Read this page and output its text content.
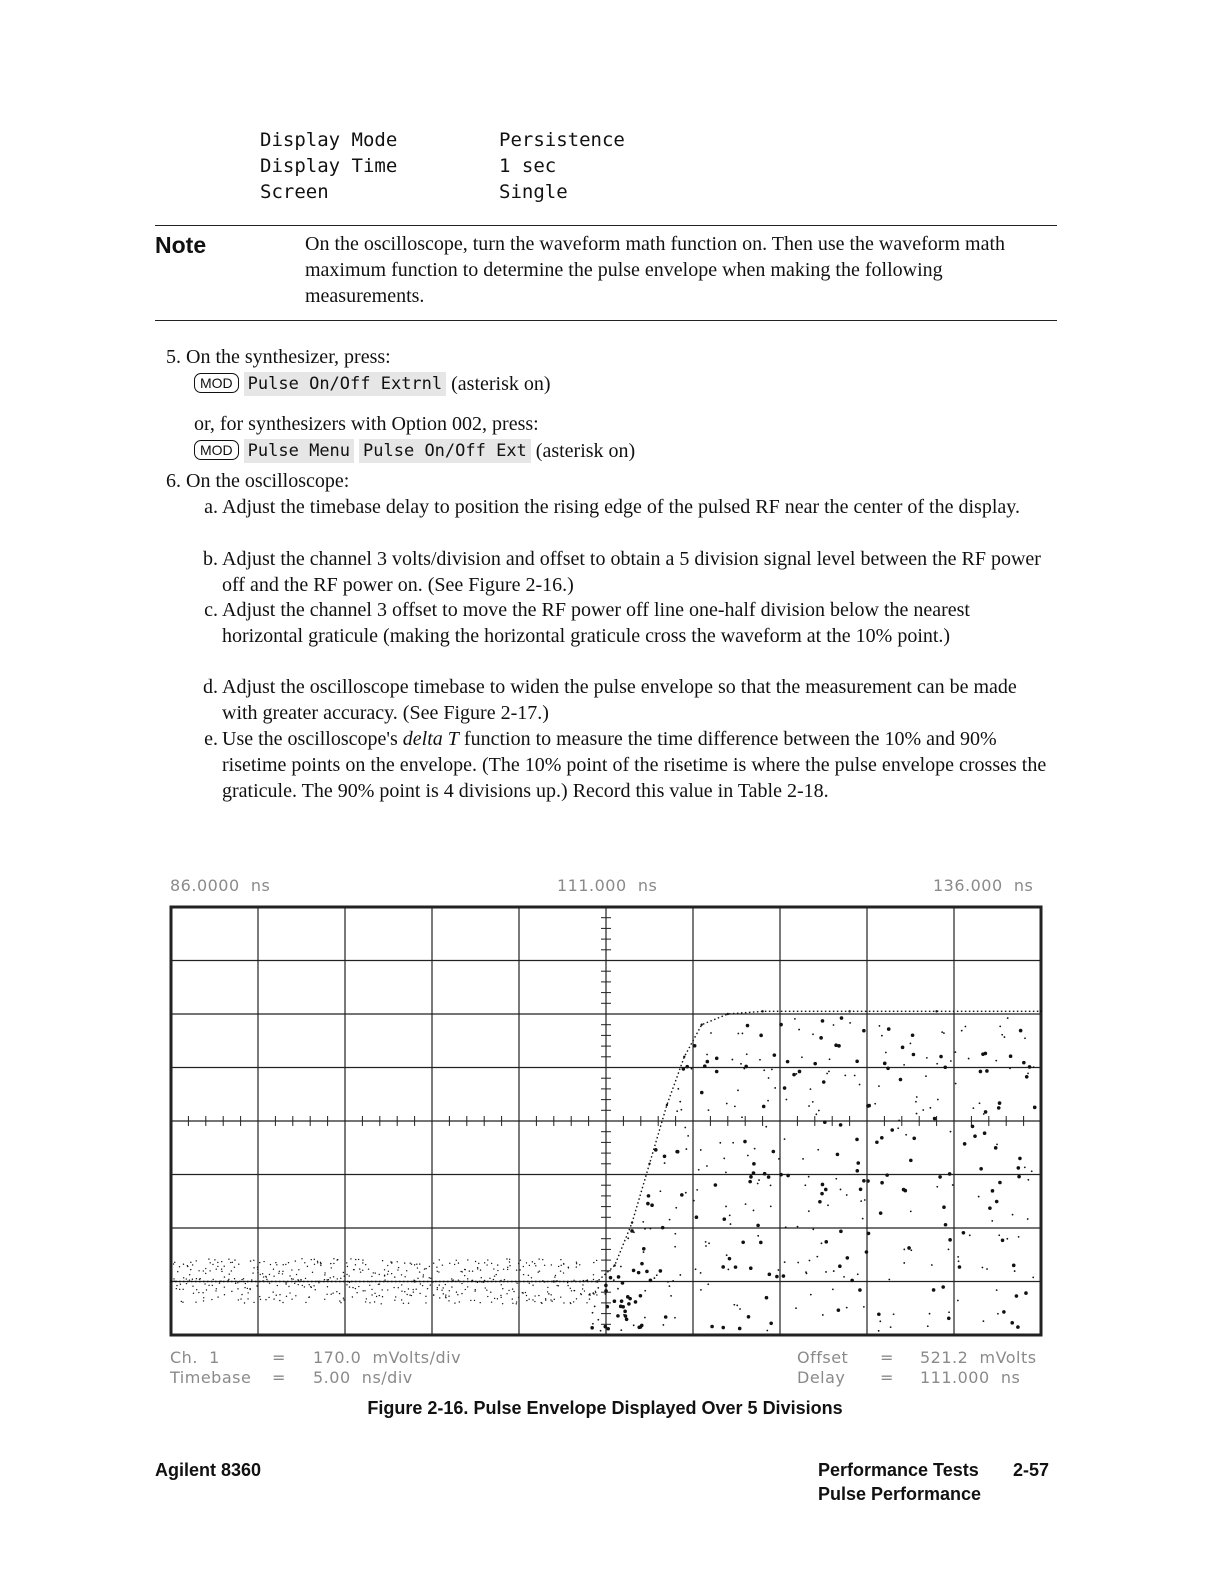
Display Mode	Persistence
Display Time	1 sec
Screen	Single
Note	On the oscilloscope, turn the waveform math function on. Then use the waveform math maximum function to determine the pulse envelope when making the following measurements.
5. On the synthesizer, press:
MOD Pulse On/Off Extrnl (asterisk on)
or, for synthesizers with Option 002, press:
MOD Pulse Menu Pulse On/Off Ext (asterisk on)
6. On the oscilloscope:
a. Adjust the timebase delay to position the rising edge of the pulsed RF near the center of the display.
b. Adjust the channel 3 volts/division and offset to obtain a 5 division signal level between the RF power off and the RF power on. (See Figure 2-16.)
c. Adjust the channel 3 offset to move the RF power off line one-half division below the nearest horizontal graticule (making the horizontal graticule cross the waveform at the 10% point.)
d. Adjust the oscilloscope timebase to widen the pulse envelope so that the measurement can be made with greater accuracy. (See Figure 2-17.)
e. Use the oscilloscope's delta T function to measure the time difference between the 10% and 90% risetime points on the envelope. (The 10% point of the risetime is where the pulse envelope crosses the graticule. The 90% point is 4 divisions up.) Record this value in Table 2-18.
86.0000  ns	111.000  ns	136.000  ns
Ch.  1	= 170.0  mVolts/div
Timebase = 5.00  ns/div
Offset = 521.2  mVolts
Delay = 111.000  ns
Figure 2-16. Pulse Envelope Displayed Over 5 Divisions
Agilent 8360	Performance Tests 2-57
Pulse Performance
